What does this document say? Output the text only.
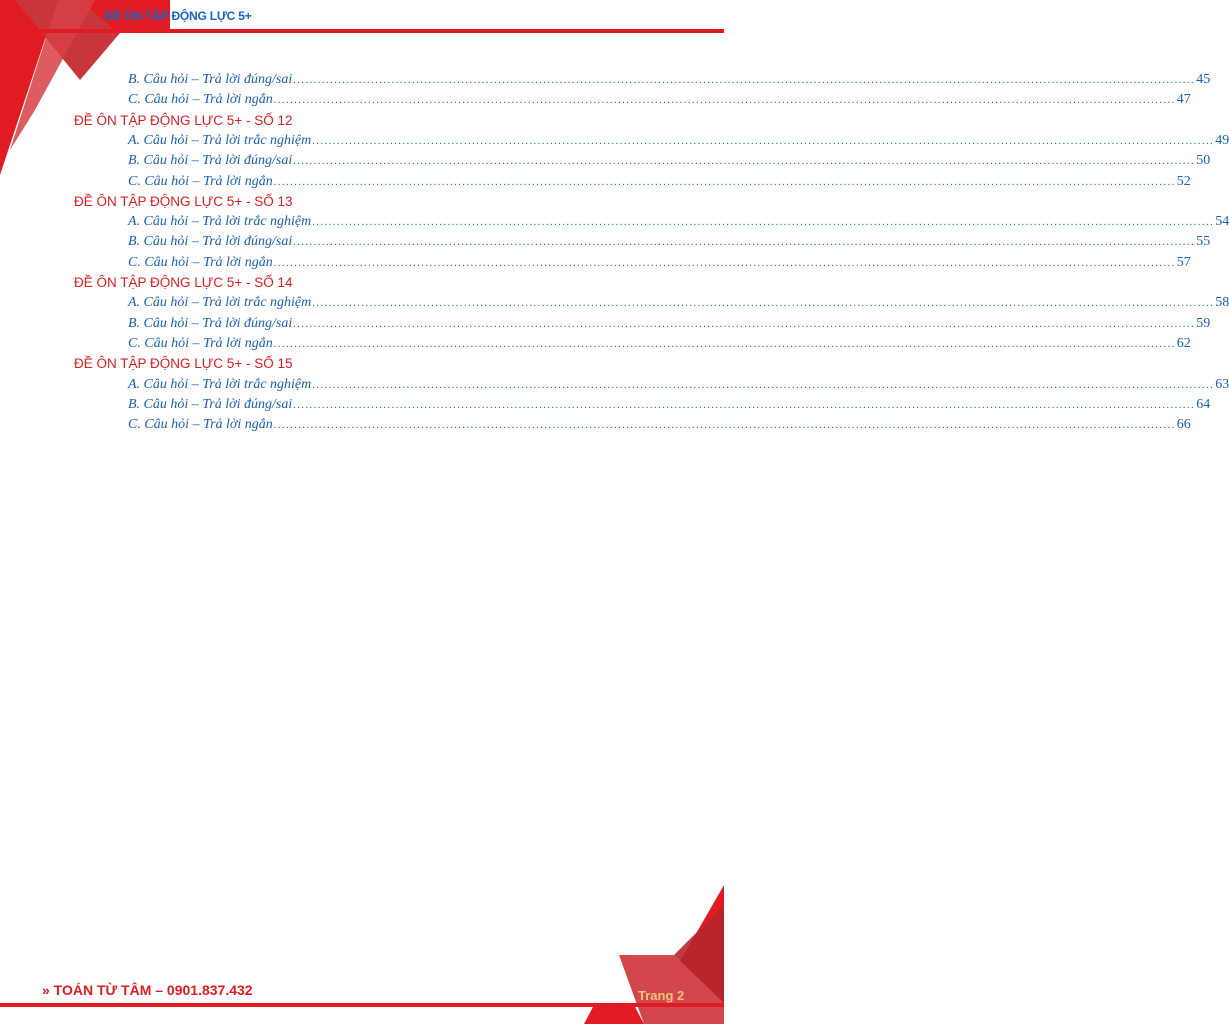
ĐỀ ÔN TẬP ĐỘNG LỰC 5+
B. Câu hỏi – Trả lời đúng/sai ............................................................................................................................................................................................................................ 45
C. Câu hỏi – Trả lời ngắn ............................................................................................................................................................................................................................ 47
ĐỀ ÔN TẬP ĐỘNG LỰC 5+ - SỐ 12
A. Câu hỏi – Trả lời trắc nghiệm ............................................................................................................................................................................................................................ 49
B. Câu hỏi – Trả lời đúng/sai ............................................................................................................................................................................................................................ 50
C. Câu hỏi – Trả lời ngắn ............................................................................................................................................................................................................................ 52
ĐỀ ÔN TẬP ĐỘNG LỰC 5+ - SỐ 13
A. Câu hỏi – Trả lời trắc nghiệm ............................................................................................................................................................................................................................ 54
B. Câu hỏi – Trả lời đúng/sai ............................................................................................................................................................................................................................ 55
C. Câu hỏi – Trả lời ngắn ............................................................................................................................................................................................................................ 57
ĐỀ ÔN TẬP ĐỘNG LỰC 5+ - SỐ 14
A. Câu hỏi – Trả lời trắc nghiệm ............................................................................................................................................................................................................................ 58
B. Câu hỏi – Trả lời đúng/sai ............................................................................................................................................................................................................................ 59
C. Câu hỏi – Trả lời ngắn ............................................................................................................................................................................................................................ 62
ĐỀ ÔN TẬP ĐỘNG LỰC 5+ - SỐ 15
A. Câu hỏi – Trả lời trắc nghiệm ............................................................................................................................................................................................................................ 63
B. Câu hỏi – Trả lời đúng/sai ............................................................................................................................................................................................................................ 64
C. Câu hỏi – Trả lời ngắn ............................................................................................................................................................................................................................ 66
» TOÁN TỪ TÂM – 0901.837.432	Trang 2
